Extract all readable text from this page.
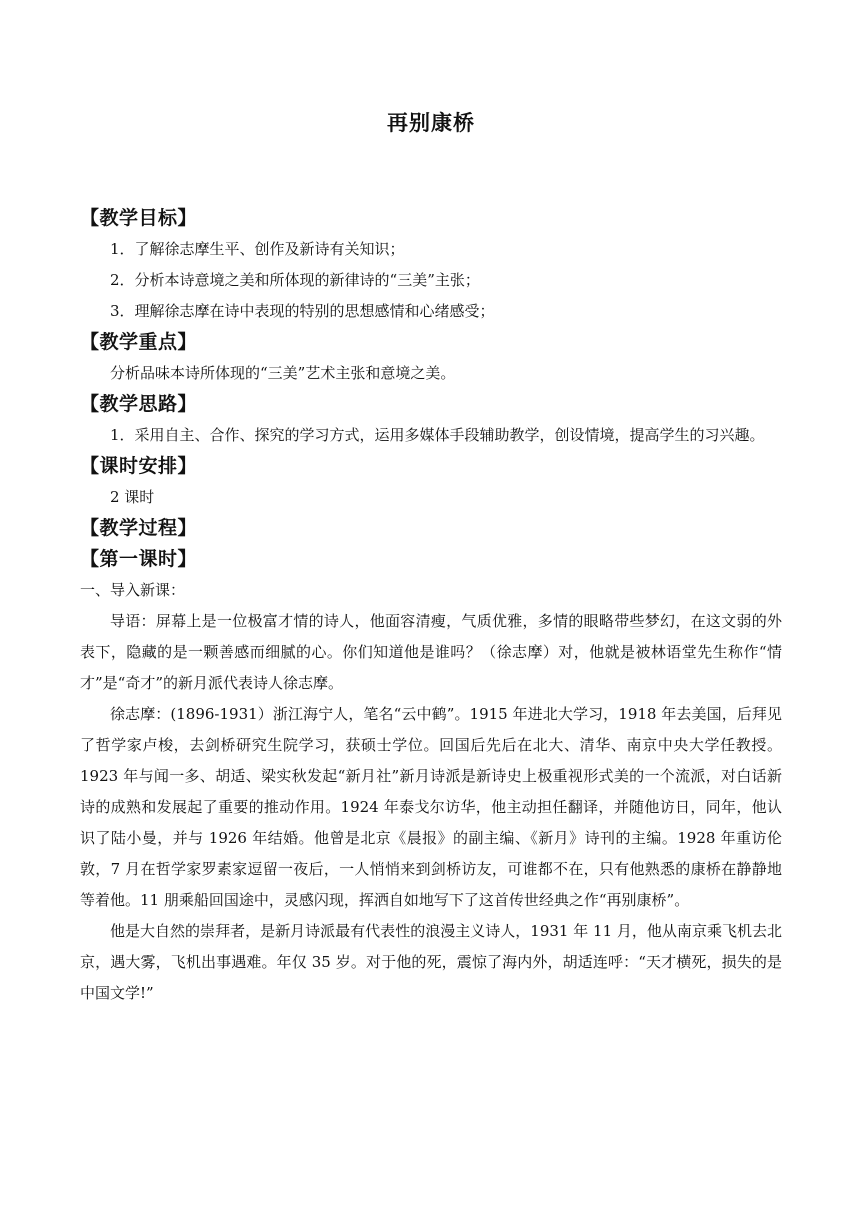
再别康桥
【教学目标】

1．了解徐志摩生平、创作及新诗有关知识；

2．分析本诗意境之美和所体现的新律诗的“三美”主张；

3．理解徐志摩在诗中表现的特别的思想感情和心绪感受；

【教学重点】

分析品味本诗所体现的“三美”艺术主张和意境之美。

【教学思路】

1．采用自主、合作、探究的学习方式，运用多媒体手段辅助教学，创设情境，提高学生的习兴趣。

【课时安排】

2 课时

【教学过程】
【第一课时】

一、导入新课：

导语：屏幕上是一位极富才情的诗人，他面容清瘦，气质优雅，多情的眼略带些梦幻，在这文弱的外表下，隐藏的是一颗善感而细腻的心。你们知道他是谁吗？（徐志摩）对，他就是被林语堂先生称作“情才”是“奇才”的新月派代表诗人徐志摩。

徐志摩：(1896-1931）浙江海宁人，笔名“云中鹤”。1915 年进北大学习，1918 年去美国，后拜见了哲学家卢梭，去剑桥研究生院学习，获硕士学位。回国后先后在北大、清华、南京中央大学任教授。1923 年与闻一多、胡适、梁实秋发起“新月社”新月诗派是新诗史上极重视形式美的一个流派，对白话新诗的成熟和发展起了重要的推动作用。1924 年泰戈尔访华，他主动担任翻译，并随他访日，同年，他认识了陆小曼，并与 1926 年结婚。他曾是北京《晨报》的副主编、《新月》诗刊的主编。1928 年重访伦敦，7 月在哲学家罗素家逗留一夜后，一人悄悄来到剑桥访友，可谁都不在，只有他熟悉的康桥在静静地等着他。11 朋乘船回国途中，灵感闪现，挥洒自如地写下了这首传世经典之作“再别康桥”。

他是大自然的崇拜者，是新月诗派最有代表性的浪漫主义诗人，1931 年 11 月，他从南京乘飞机去北京，遇大雾，飞机出事遇难。年仅 35 岁。对于他的死，震惊了海内外，胡适连呼：“天才横死，损失的是中国文学!”
